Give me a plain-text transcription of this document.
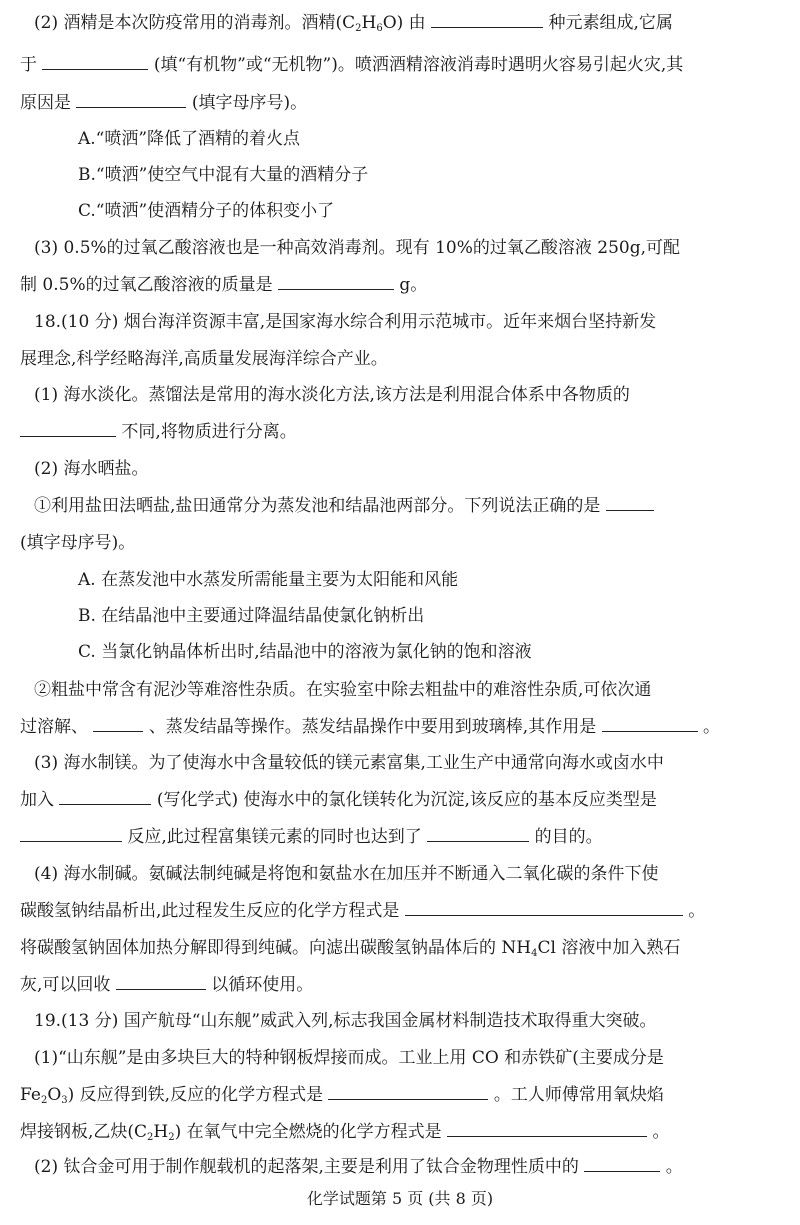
(2) 酒精是本次防疫常用的消毒剂。酒精$(C_2H_6O)$ 由	种元素组成,它属
于	(填“有机物”或“无机物”)。喷洒酒精溶液消毒时遇明火容易引起火灾,其
原因是	(填字母序号)。
A.“喷洒”降低了酒精的着火点
B.“喷洒”使空气中混有大量的酒精分子
C.“喷洒”使酒精分子的体积变小了
(3) 0.5%的过氧乙酸溶液也是一种高效消毒剂。现有 10%的过氧乙酸溶液 250g,可配
制 0.5%的过氧乙酸溶液的质量是	g。
18.(10 分) 烟台海洋资源丰富,是国家海水综合利用示范城市。近年来烟台坚持新发
展理念,科学经略海洋,高质量发展海洋综合产业。
(1) 海水淡化。蒸馏法是常用的海水淡化方法,该方法是利用混合体系中各物质的
不同,将物质进行分离。
(2) 海水晒盐。
①利用盐田法晒盐,盐田通常分为蒸发池和结晶池两部分。下列说法正确的是
(填字母序号)。
A. 在蒸发池中水蒸发所需能量主要为太阳能和风能
B. 在结晶池中主要通过降温结晶使氯化钠析出
C. 当氯化钠晶体析出时,结晶池中的溶液为氯化钠的饱和溶液
②粗盐中常含有泥沙等难溶性杂质。在实验室中除去粗盐中的难溶性杂质,可依次通
过溶解、	、蒸发结晶等操作。蒸发结晶操作中要用到玻璃棒,其作用是	。
(3) 海水制镁。为了使海水中含量较低的镁元素富集,工业生产中通常向海水或卤水中
加入	(写化学式) 使海水中的氯化镁转化为沉淀,该反应的基本反应类型是
反应,此过程富集镁元素的同时也达到了	的目的。
(4) 海水制碱。氨碱法制纯碱是将饱和氨盐水在加压并不断通入二氧化碳的条件下使
碳酸氢钠结晶析出,此过程发生反应的化学方程式是	。
将碳酸氢钠固体加热分解即得到纯碱。向滤出碳酸氢钠晶体后的 $NH_4Cl$ 溶液中加入熟石
灰,可以回收	以循环使用。
19.(13 分) 国产航母“山东舰”威武入列,标志我国金属材料制造技术取得重大突破。
(1)“山东舰”是由多块巨大的特种钢板焊接而成。工业上用 CO 和赤铁矿(主要成分是
$Fe_2O_3$) 反应得到铁,反应的化学方程式是	。工人师傅常用氧炔焰
焊接钢板,乙炔$(C_2H_2)$ 在氧气中完全燃烧的化学方程式是	。
(2) 钛合金可用于制作舰载机的起落架,主要是利用了钛合金物理性质中的	。
化学试题第 5 页 (共 8 页)
